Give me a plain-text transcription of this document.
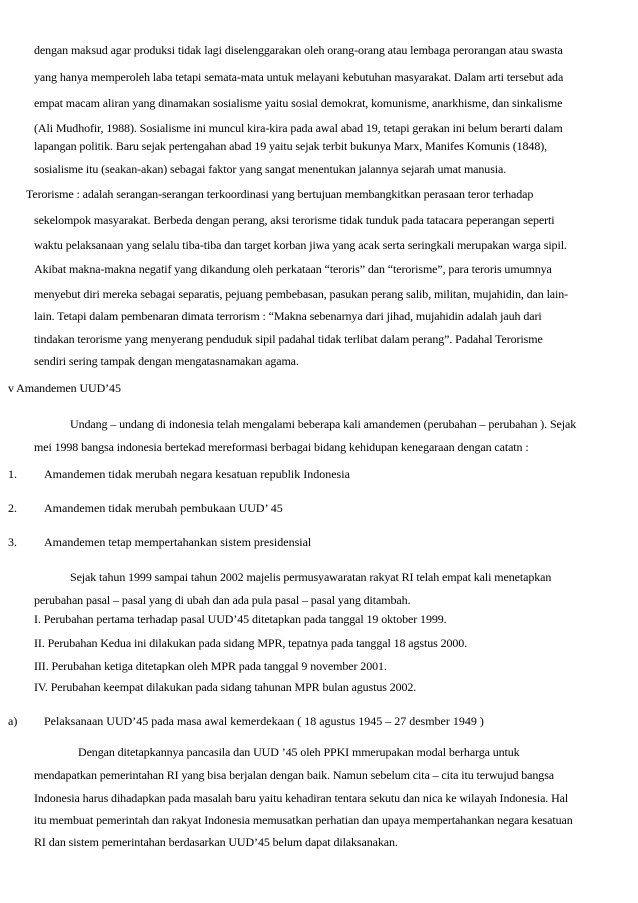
dengan maksud agar produksi tidak lagi diselenggarakan oleh orang-orang atau lembaga perorangan atau swasta
yang hanya memperoleh laba tetapi semata-mata untuk melayani kebutuhan masyarakat. Dalam arti tersebut ada
empat macam aliran yang dinamakan sosialisme yaitu sosial demokrat, komunisme, anarkhisme, dan sinkalisme
(Ali Mudhofir, 1988). Sosialisme ini muncul kira-kira pada awal abad 19, tetapi gerakan ini belum berarti dalam
lapangan politik. Baru sejak pertengahan abad 19 yaitu sejak terbit bukunya Marx, Manifes Komunis (1848),
sosialisme itu (seakan-akan) sebagai faktor yang sangat menentukan jalannya sejarah umat manusia.
Terorisme : adalah serangan-serangan terkoordinasi yang bertujuan membangkitkan perasaan teror terhadap
sekelompok masyarakat. Berbeda dengan perang, aksi terorisme tidak tunduk pada tatacara peperangan seperti
waktu pelaksanaan yang selalu tiba-tiba dan target korban jiwa yang acak serta seringkali merupakan warga sipil.
Akibat makna-makna negatif yang dikandung oleh perkataan “teroris” dan “terorisme”, para teroris umumnya
menyebut diri mereka sebagai separatis, pejuang pembebasan, pasukan perang salib, militan, mujahidin, dan lain-
lain. Tetapi dalam pembenaran dimata terrorism : “Makna sebenarnya dari jihad, mujahidin adalah jauh dari
tindakan terorisme yang menyerang penduduk sipil padahal tidak terlibat dalam perang”. Padahal Terorisme
sendiri sering tampak dengan mengatasnamakan agama.
v Amandemen UUD’45
Undang – undang di indonesia telah mengalami beberapa kali amandemen (perubahan – perubahan ). Sejak
mei 1998 bangsa indonesia bertekad mereformasi berbagai bidang kehidupan kenegaraan dengan catatn :
1. Amandemen tidak merubah negara kesatuan republik Indonesia
2. Amandemen tidak merubah pembukaan UUD’ 45
3. Amandemen tetap mempertahankan sistem presidensial
Sejak tahun 1999 sampai tahun 2002 majelis permusyawaratan rakyat RI telah empat kali menetapkan
perubahan pasal – pasal yang di ubah dan ada pula pasal – pasal yang ditambah.
I. Perubahan pertama terhadap pasal UUD’45 ditetapkan pada tanggal 19 oktober 1999.
II. Perubahan Kedua ini dilakukan pada sidang MPR, tepatnya pada tanggal 18 agstus 2000.
III. Perubahan ketiga ditetapkan oleh MPR pada tanggal 9 november 2001.
IV. Perubahan keempat dilakukan pada sidang tahunan MPR bulan agustus 2002.
a) Pelaksanaan UUD’45 pada masa awal kemerdekaan ( 18 agustus 1945 – 27 desmber 1949 )
Dengan ditetapkannya pancasila dan UUD ’45 oleh PPKI mmerupakan modal berharga untuk
mendapatkan pemerintahan RI yang bisa berjalan dengan baik. Namun sebelum cita – cita itu terwujud bangsa
Indonesia harus dihadapkan pada masalah baru yaitu kehadiran tentara sekutu dan nica ke wilayah Indonesia. Hal
itu membuat pemerintah dan rakyat Indonesia memusatkan perhatian dan upaya mempertahankan negara kesatuan
RI dan sistem pemerintahan berdasarkan UUD’45 belum dapat dilaksanakan.
